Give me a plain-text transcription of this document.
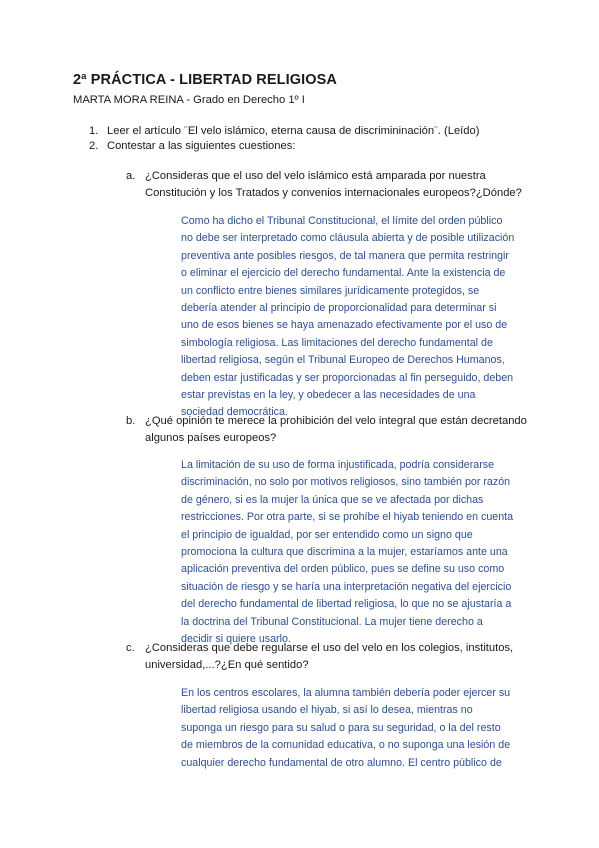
2ª PRÁCTICA - LIBERTAD RELIGIOSA
MARTA MORA REINA - Grado en Derecho 1º I
1. Leer el artículo ¨El velo islámico, eterna causa de discrimininación¨. (Leído)
2. Contestar a las siguientes cuestiones:
a. ¿Consideras que el uso del velo islámico está amparada por nuestra Constitución y los Tratados y convenios internacionales europeos?¿Dónde?
Como ha dicho el Tribunal Constitucional, el límite del orden público
no debe ser interpretado como cláusula abierta y de posible utilización
preventiva ante posibles riesgos, de tal manera que permita restringir
o eliminar el ejercicio del derecho fundamental. Ante la existencia de
un conflicto entre bienes similares jurídicamente protegidos, se
debería atender al principio de proporcionalidad para determinar si
uno de esos bienes se haya amenazado efectivamente por el uso de
simbología religiosa. Las limitaciones del derecho fundamental de
libertad religiosa, según el Tribunal Europeo de Derechos Humanos,
deben estar justificadas y ser proporcionadas al fin perseguido, deben
estar previstas en la ley, y obedecer a las necesidades de una
sociedad democrática.
b. ¿Qué opinión te merece la prohibición del velo integral que están decretando algunos países europeos?
La limitación de su uso de forma injustificada, podría considerarse
discriminación, no solo por motivos religiosos, sino también por razón
de género, si es la mujer la única que se ve afectada por dichas
restricciones. Por otra parte, si se prohíbe el hiyab teniendo en cuenta
el principio de igualdad, por ser entendido como un signo que
promociona la cultura que discrimina a la mujer, estaríamos ante una
aplicación preventiva del orden público, pues se define su uso como
situación de riesgo y se haría una interpretación negativa del ejercicio
del derecho fundamental de libertad religiosa, lo que no se ajustaría a
la doctrina del Tribunal Constitucional. La mujer tiene derecho a
decidir si quiere usarlo.
c. ¿Consideras que debe regularse el uso del velo en los colegios, institutos, universidad,...?¿En qué sentido?
En los centros escolares, la alumna también debería poder ejercer su
libertad religiosa usando el hiyab, si así lo desea, mientras no
suponga un riesgo para su salud o para su seguridad, o la del resto
de miembros de la comunidad educativa, o no suponga una lesión de
cualquier derecho fundamental de otro alumno. El centro público de
